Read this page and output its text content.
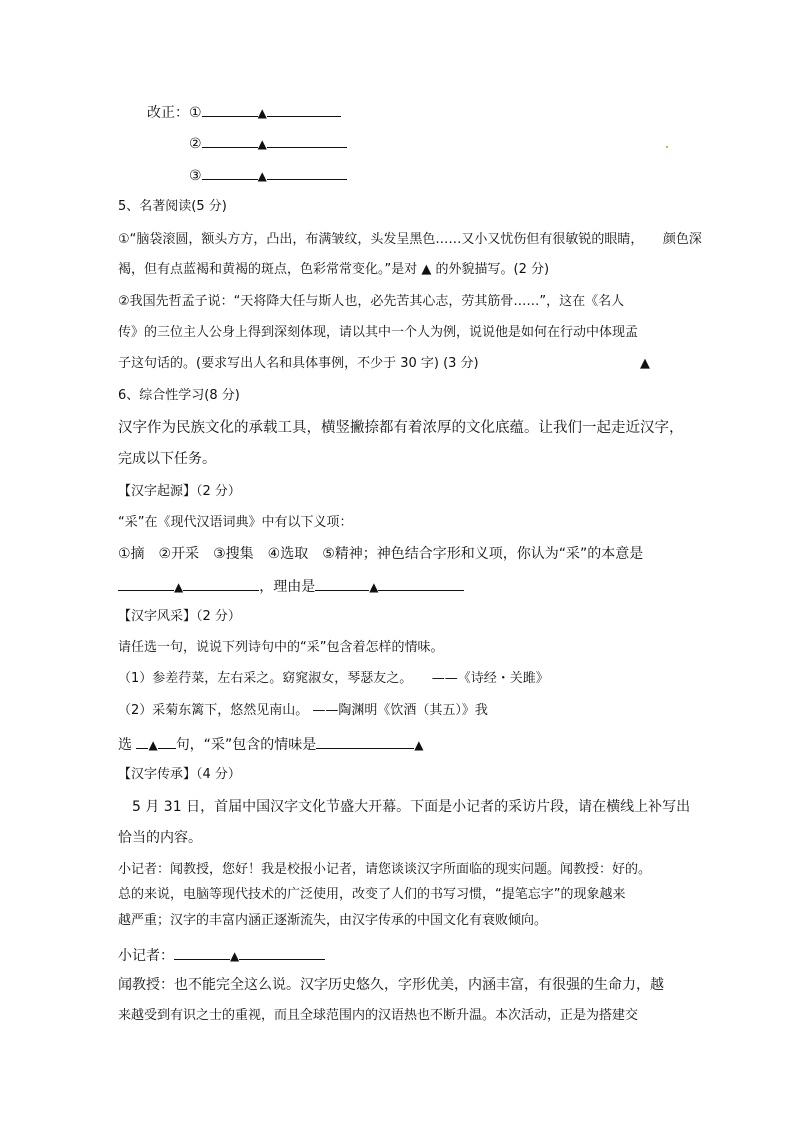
改正：①	▲
②	▲
③	▲
5、名著阅读(5 分)
①“脑袋滚圆，额头方方，凸出，布满皱纹，头发呈黑色……又小又忧伤但有很敏锐的眼睛，　　颜色深
褐，但有点蓝褐和黄褐的斑点，色彩常常变化。”是对 ▲ 的外貌描写。(2 分)
②我国先哲孟子说：“天将降大任与斯人也，必先苦其心志，劳其筋骨……”，这在《名人
传》的三位主人公身上得到深刻体现，请以其中一个人为例，说说他是如何在行动中体现孟
子这句话的。(要求写出人名和具体事例，不少于 30 字) (3 分)	▲
6、综合性学习(8 分)
汉字作为民族文化的承载工具，横竖撇捺都有着浓厚的文化底蕴。让我们一起走近汉字，
完成以下任务。
【汉字起源】（2 分）
“采”在《现代汉语词典》中有以下义项：
①摘　②开采　③搜集　④选取　⑤精神；神色结合字形和义项，你认为“采”的本意是
▲	，理由是	▲
【汉字风采】（2 分）
请任选一句，说说下列诗句中的“采”包含着怎样的情味。
（1）参差荇菜，左右采之。窈窕淑女，琴瑟友之。　　——《诗经・关雎》
（2）采菊东篱下，悠然见南山。 ——陶渊明《饮酒（其五）》我
选 ▲ 句，“采”包含的情味是	▲
【汉字传承】（4 分）
5 月 31 日，首届中国汉字文化节盛大开幕。下面是小记者的采访片段，请在横线上补写出
恰当的内容。
小记者：闻教授，您好！我是校报小记者，请您谈谈汉字所面临的现实问题。闻教授：好的。
总的来说，电脑等现代技术的广泛使用，改变了人们的书写习惯，“提笔忘字”的现象越来
越严重；汉字的丰富内涵正逐渐流失，由汉字传承的中国文化有衰败倾向。
小记者：	▲
闻教授：也不能完全这么说。汉字历史悠久，字形优美，内涵丰富，有很强的生命力，越
来越受到有识之士的重视，而且全球范围内的汉语热也不断升温。本次活动，正是为搭建交
